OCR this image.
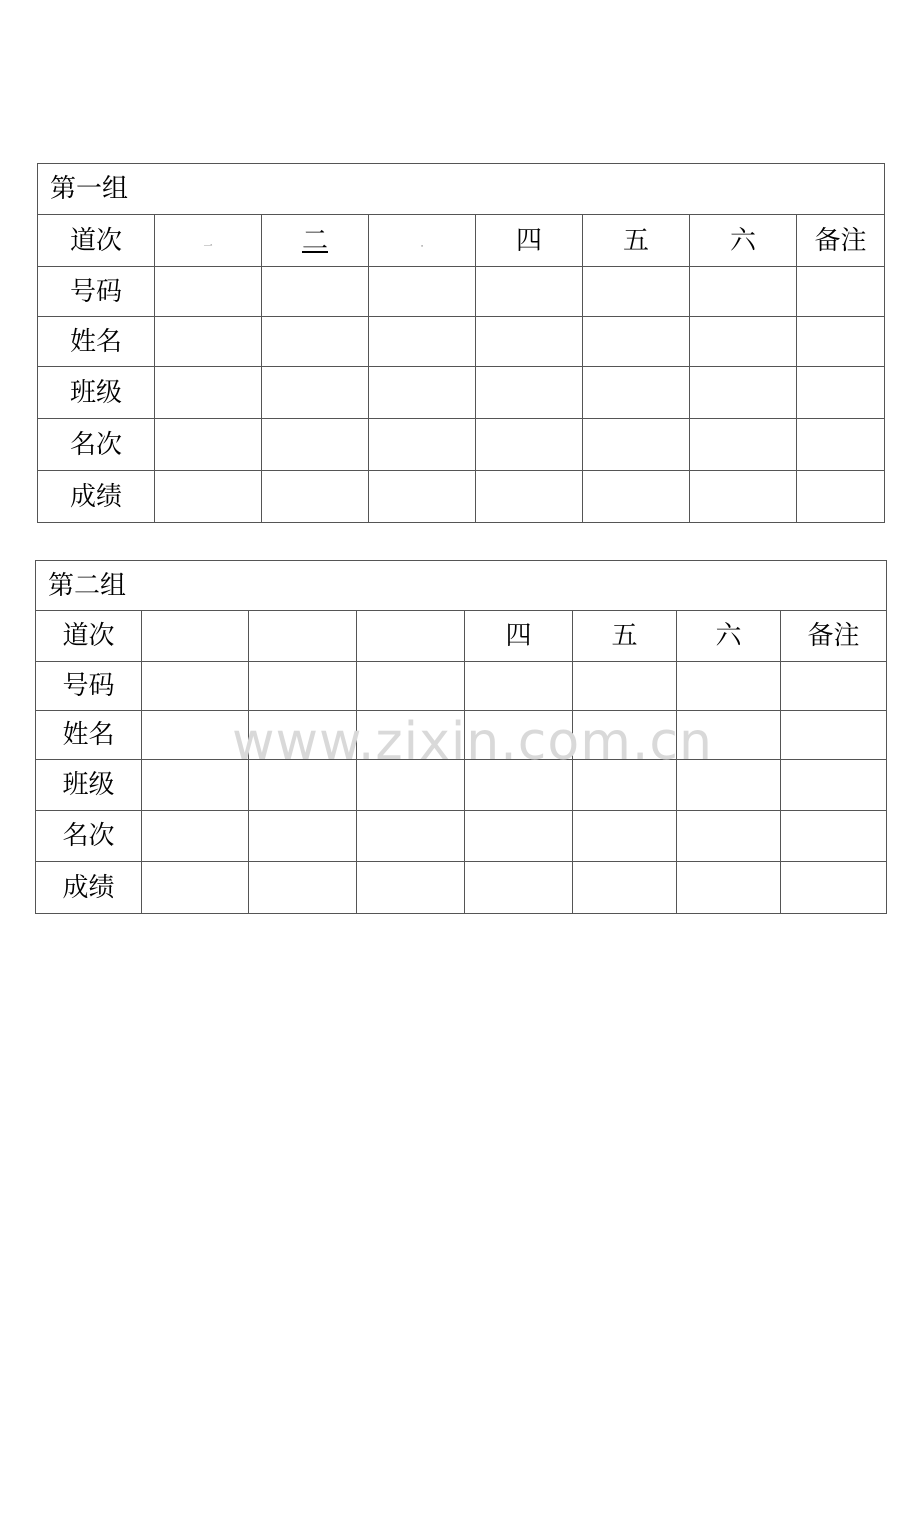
第一组							
道次	一	二	·	四	五	六	备注
号码							
姓名							
班级							
名次							
成绩							
第二组							
道次				四	五	六	备注
号码							
姓名							
班级							
名次							
成绩							
www.zixin.com.cn
